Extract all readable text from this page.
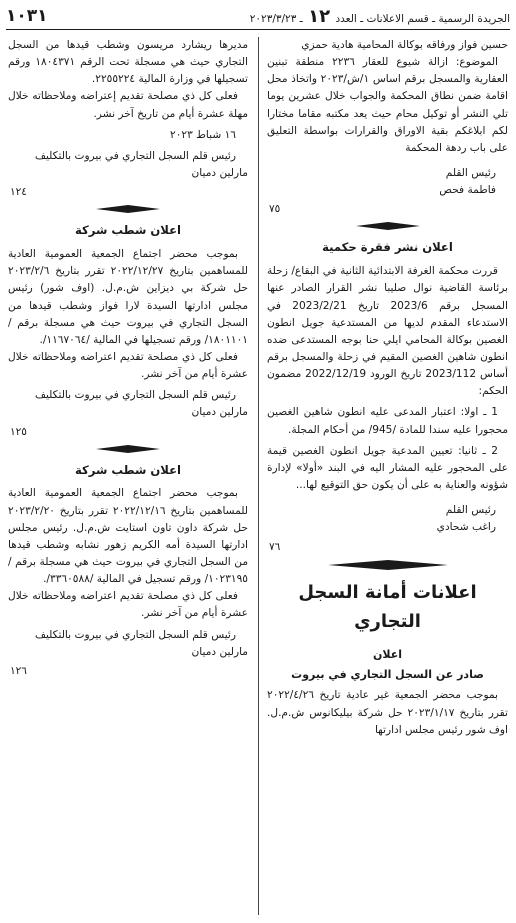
الجريدة الرسمية ـ قسم الاعلانات ـ العدد ١٢ ـ ٢٠٢٣/٣/٢٣
١٠٣١

حسين فواز ورفاقه بوكالة المحامية هادية حمزي

الموضوع: ازالة شيوع للعقار ٢٢٣٦ منطقة تبنين العقارية والمسجل برقم اساس ١/ش/٢٠٢٣ واتخاذ محل اقامة ضمن نطاق المحكمة والجواب خلال عشرين يوما تلي النشر أو توكيل محام حيث يعد مكتبه مقاما مختارا لكم ابلاغكم بقية الاوراق والقرارات بواسطة التعليق على باب ردهة المحكمة

رئيس القلم

فاطمة فحص

٧٥

اعلان نشر فقرة حكمية

قررت محكمة الغرفة الابتدائية الثانية في البقاع/ زحلة برئاسة القاضية نوال صليبا نشر القرار الصادر عنها المسجل برقم 2023/6 تاريخ 2023/2/21 في الاستدعاء المقدم لديها من المستدعية جويل انطون الغصين بوكالة المحامي ايلي حنا بوجه المستدعى ضده انطون شاهين الغصين المقيم في زحلة والمسجل برقم أساس 2023/112 تاريخ الورود 2022/12/19 مضمون الحكم:

1 ـ اولا: اعتبار المدعى عليه انطون شاهين الغصين محجورا عليه سندا للمادة /945/ من أحكام المجلة.

2 ـ ثانيا: تعيين المدعية جويل انطون الغصين قيمة على المحجور عليه المشار اليه في البند «أولا» لإدارة شؤونه والعناية به على أن يكون حق التوقيع لها...

رئيس القلم

راغب شحادي

٧٦

اعلانات أمانة السجل التجاري
اعلان
صادر عن السجل التجاري في بيروت

بموجب محضر الجمعية غير عادية تاريخ ٢٠٢٢/٤/٢٦ تقرر بتاريخ ٢٠٢٣/١/١٧ حل شركة بيليكانوس ش.م.ل. اوف شور رئيس مجلس ادارتها

مديرها ريشارد مريسون وشطب قيدها من السجل التجاري حيث هي مسجلة تحت الرقم ١٨٠٤٣٧١ ورقم تسجيلها في وزارة المالية ٢٢٥٥٢٢٤.

فعلى كل ذي مصلحة تقديم إعتراضه وملاحظاته خلال مهلة عشرة أيام من تاريخ آخر نشر.

١٦ شباط ٢٠٢٣

رئيس قلم السجل التجاري في بيروت بالتكليف

مارلين دميان

١٢٤

اعلان شطب شركة

بموجب محضر اجتماع الجمعية العمومية العادية للمساهمين بتاريخ ٢٠٢٢/١٢/٢٧ تقرر بتاريخ ٢٠٢٣/٢/٦ حل شركة بي ديزاين ش.م.ل. (اوف شور) رئيس مجلس ادارتها السيدة لارا فواز وشطب قيدها من السجل التجاري في بيروت حيث هي مسجلة برقم /١٨٠١١٠١/ ورقم تسجيلها في المالية /١١٦٧٠٦٤/.

فعلى كل ذي مصلحة تقديم اعتراضه وملاحظاته خلال عشرة أيام من آخر نشر.

رئيس قلم السجل التجاري في بيروت بالتكليف

مارلين دميان

١٢٥

اعلان شطب شركة

بموجب محضر اجتماع الجمعية العمومية العادية للمساهمين بتاريخ ٢٠٢٢/١٢/١٦ تقرر بتاريخ ٢٠٢٣/٢/٢٠ حل شركة داون تاون استايت ش.م.ل. رئيس مجلس ادارتها السيدة أمه الكريم زهور نشابه وشطب قيدها من السجل التجاري في بيروت حيث هي مسجلة برقم /١٠٢٣١٩٥/ ورقم تسجيل في المالية /٣٣٦٠٥٨٨/.

فعلى كل ذي مصلحة تقديم اعتراضه وملاحظاته خلال عشرة أيام من آخر نشر.

رئيس قلم السجل التجاري في بيروت بالتكليف

مارلين دميان

١٢٦
